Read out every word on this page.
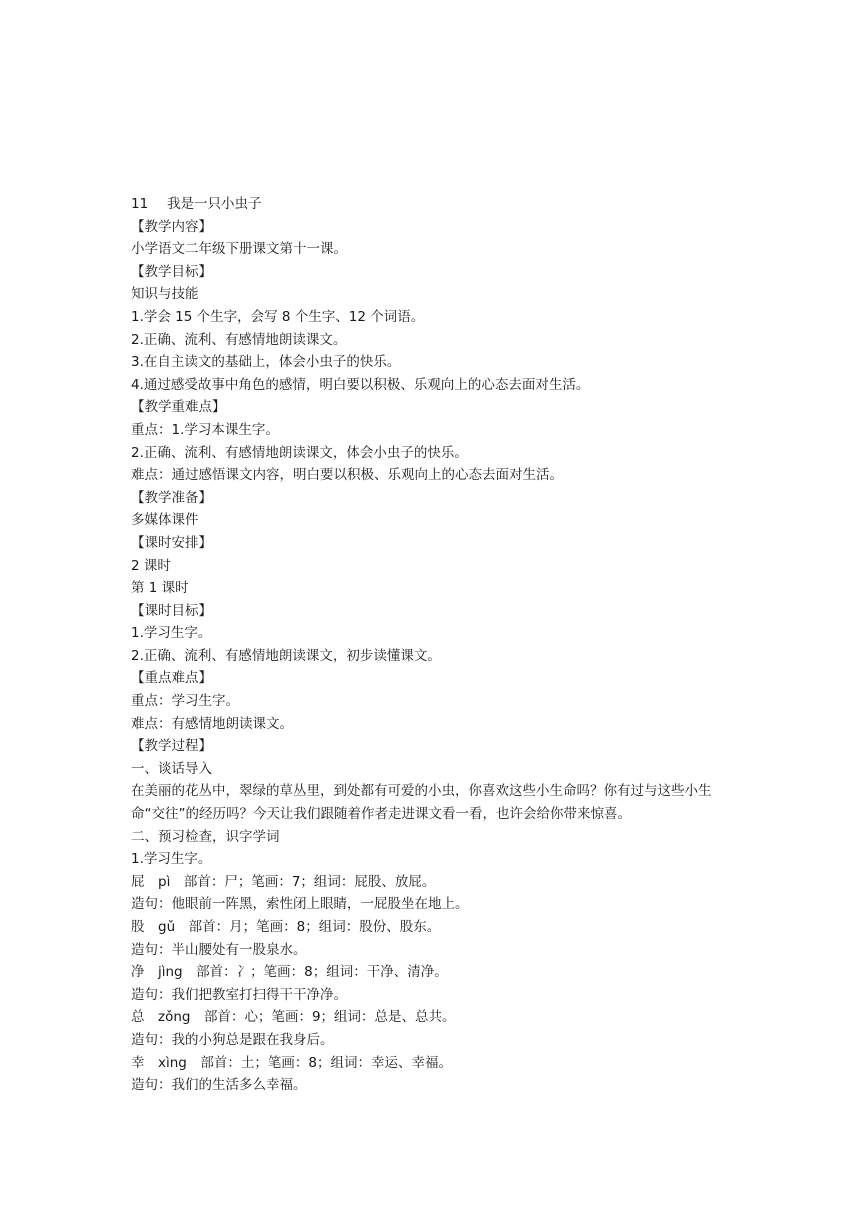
11 我是一只小虫子
【教学内容】
小学语文二年级下册课文第十一课。
【教学目标】
知识与技能
1.学会 15 个生字，会写 8 个生字、12 个词语。
2.正确、流利、有感情地朗读课文。
3.在自主读文的基础上，体会小虫子的快乐。
4.通过感受故事中角色的感情，明白要以积极、乐观向上的心态去面对生活。
【教学重难点】
重点：1.学习本课生字。
2.正确、流利、有感情地朗读课文，体会小虫子的快乐。
难点：通过感悟课文内容，明白要以积极、乐观向上的心态去面对生活。
【教学准备】
多媒体课件
【课时安排】
2 课时
第 1 课时
【课时目标】
1.学习生字。
2.正确、流利、有感情地朗读课文，初步读懂课文。
【重点难点】
重点：学习生字。
难点：有感情地朗读课文。
【教学过程】
一、谈话导入
在美丽的花丛中，翠绿的草丛里，到处都有可爱的小虫，你喜欢这些小生命吗？你有过与这些小生命“交往”的经历吗？今天让我们跟随着作者走进课文看一看，也许会给你带来惊喜。
二、预习检查，识字学词
1.学习生字。
屁　pì　部首：尸；笔画：7；组词：屁股、放屁。
造句：他眼前一阵黑，索性闭上眼睛，一屁股坐在地上。
股　gǔ　部首：月；笔画：8；组词：股份、股东。
造句：半山腰处有一股泉水。
净　jìng　部首：冫；笔画：8；组词：干净、清净。
造句：我们把教室打扫得干干净净。
总　zǒng　部首：心；笔画：9；组词：总是、总共。
造句：我的小狗总是跟在我身后。
幸　xìng　部首：土；笔画：8；组词：幸运、幸福。
造句：我们的生活多么幸福。
